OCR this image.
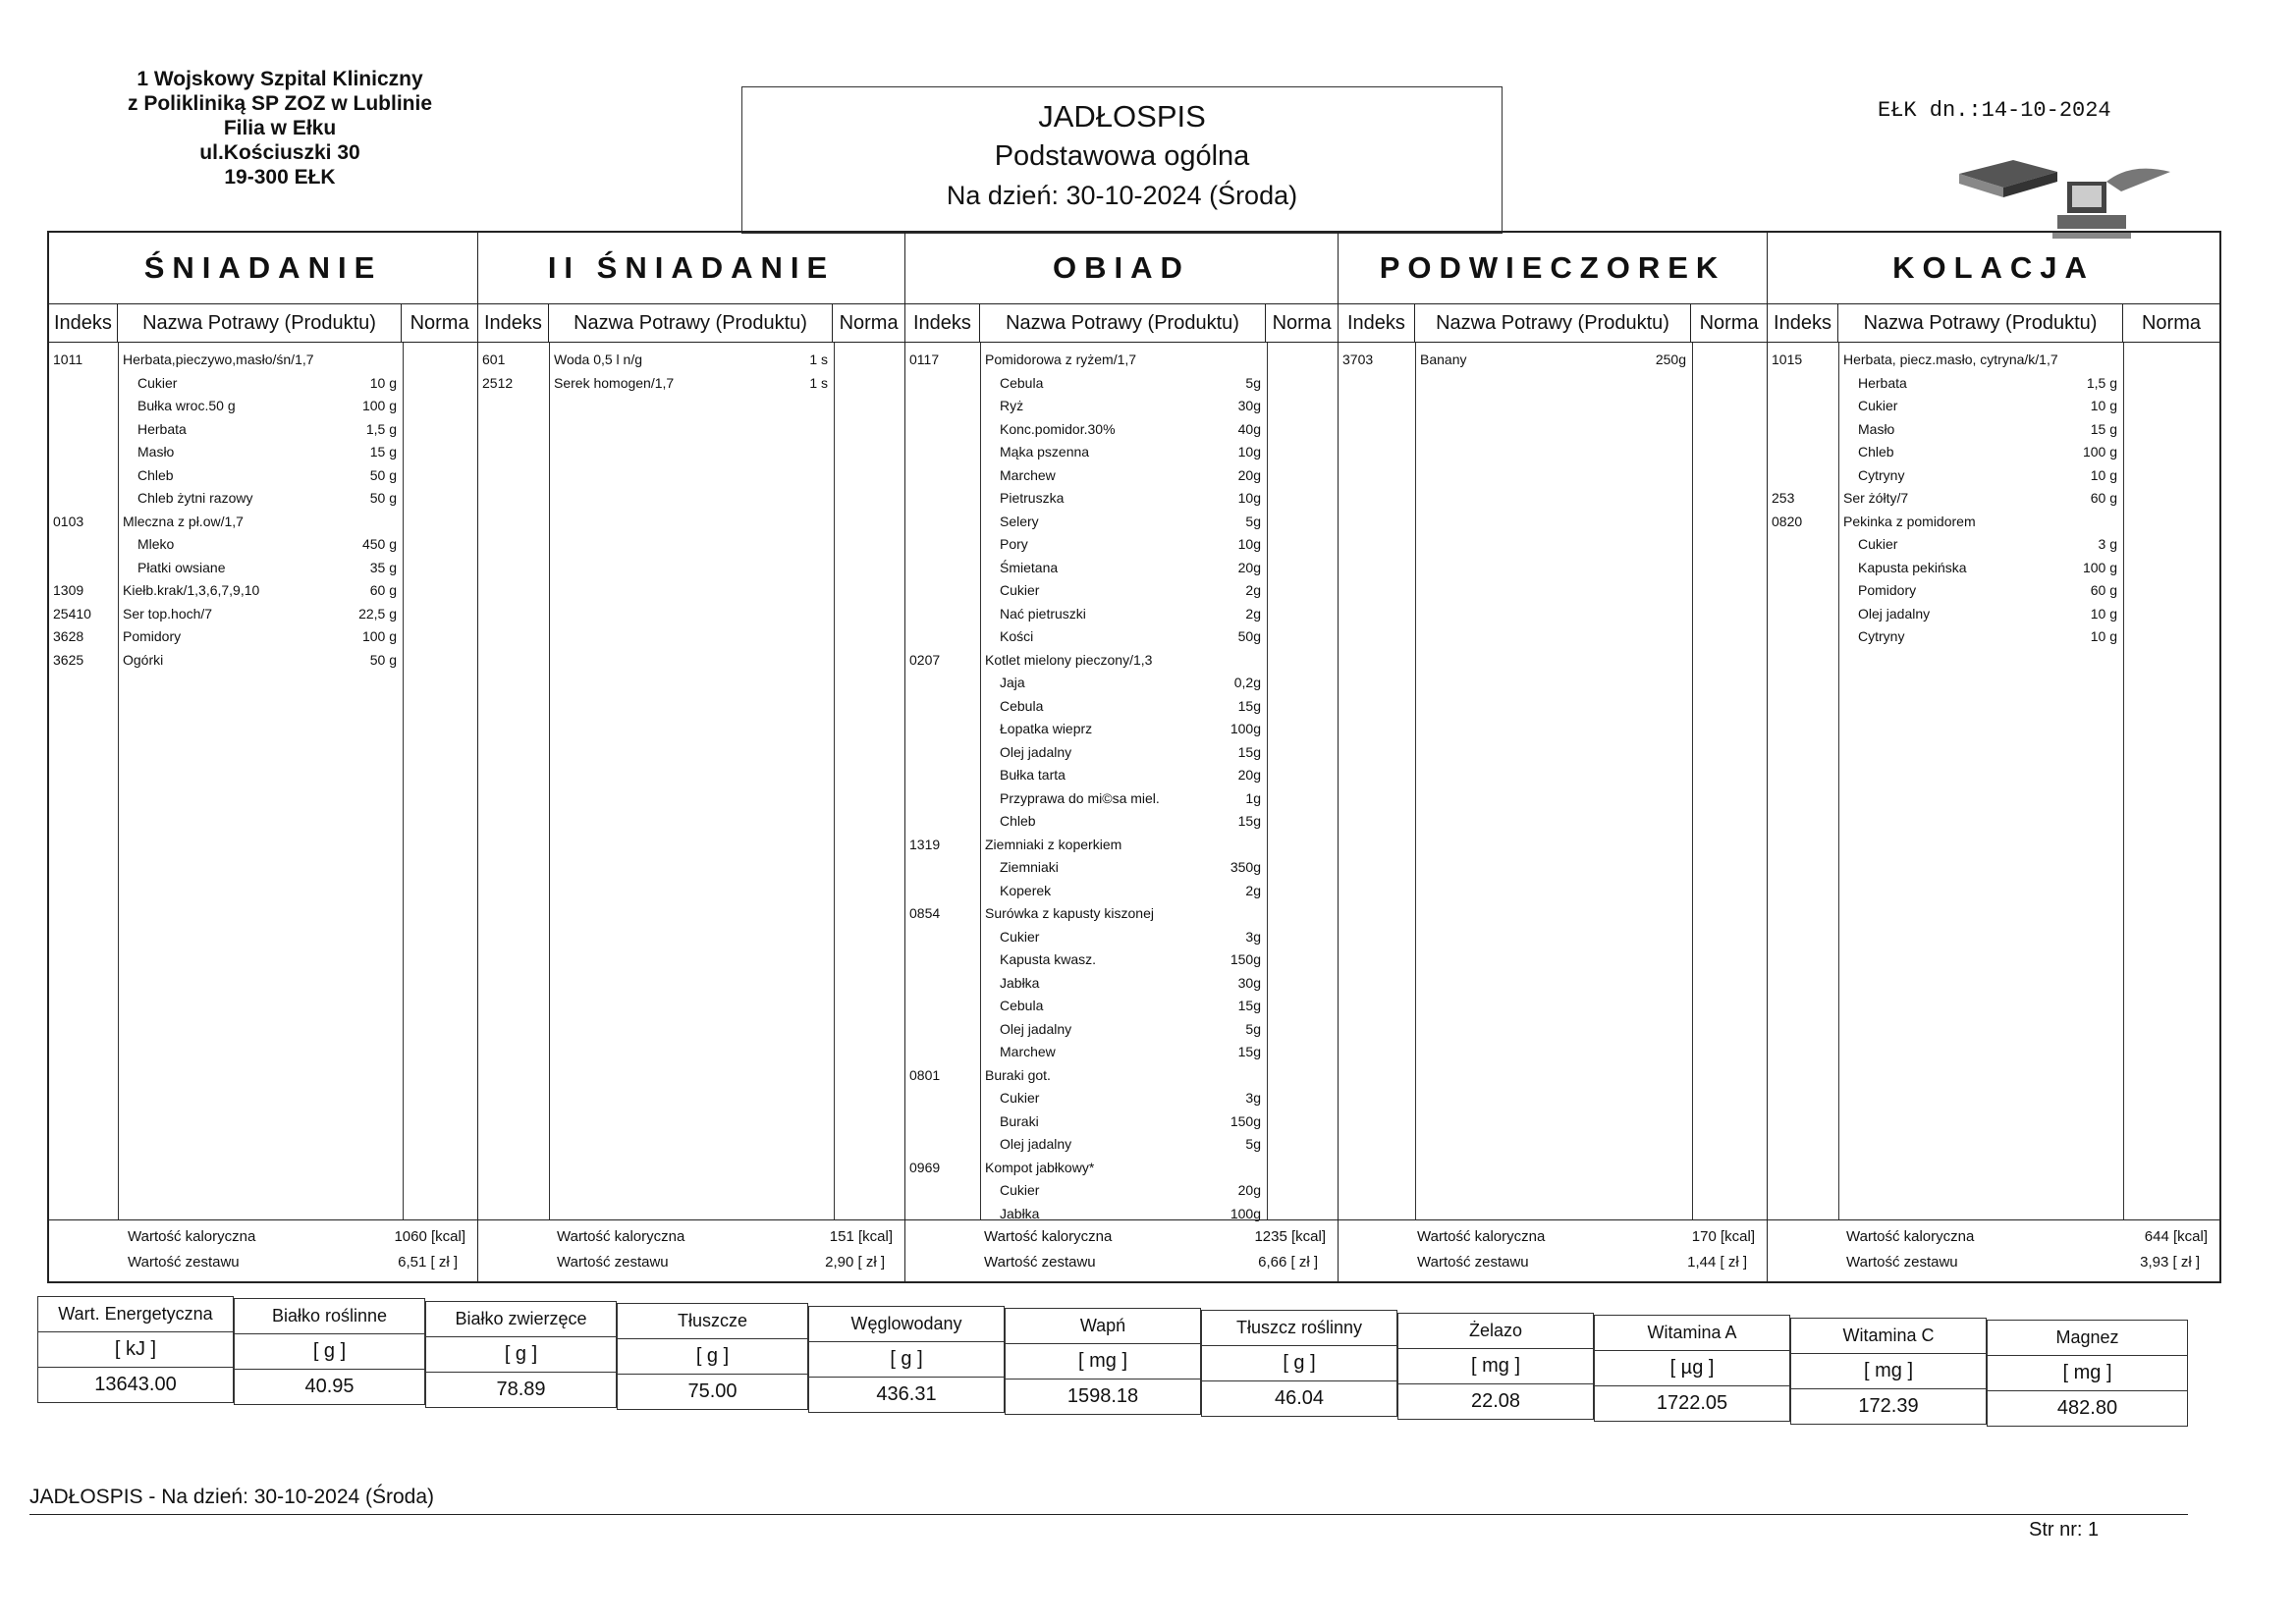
1 Wojskowy Szpital Kliniczny
z Polikliniką SP ZOZ w Lublinie
Filia w Ełku
ul.Kościuszki 30
19-300 EŁK
JADŁOSPIS
Podstawowa ogólna
Na dzień: 30-10-2024 (Środa)
EŁK dn.:14-10-2024
ŚNIADANIE
Indeks	Nazwa Potrawy (Produktu)	Norma
1011	Herbata,pieczywo,masło/śn/1,7
Cukier	10 g
Bułka wroc.50 g	100 g
Herbata	1,5 g
Masło	15 g
Chleb	50 g
Chleb żytni razowy	50 g
0103	Mleczna z pł.ow/1,7
Mleko	450 g
Płatki owsiane	35 g
1309	Kiełb.krak/1,3,6,7,9,10	60 g
25410 Ser top.hoch/7	22,5 g
3628	Pomidory	100 g
3625	Ogórki	50 g
Wartość kaloryczna	1060 [kcal]
Wartość zestawu	6,51 [ zł ]
II ŚNIADANIE
Indeks	Nazwa Potrawy (Produktu)	Norma
601	Woda 0,5 l n/g	1 s
2512	Serek homogen/1,7	1 s
Wartość kaloryczna	151 [kcal]
Wartość zestawu	2,90 [ zł ]
OBIAD
Indeks	Nazwa Potrawy (Produktu)	Norma
0117	Pomidorowa z ryżem/1,7
Cebula	5g
Ryż	30g
Konc.pomidor.30%	40g
Mąka pszenna	10g
Marchew	20g
Pietruszka	10g
Selery	5g
Pory	10g
Śmietana	20g
Cukier	2g
Nać pietruszki	2g
Kości	50g
0207	Kotlet mielony pieczony/1,3
Jaja	0,2g
Cebula	15g
Łopatka wieprz	100g
Olej jadalny	15g
Bułka tarta	20g
Przyprawa do mi©sa miel.	1g
Chleb	15g
1319	Ziemniaki z koperkiem
Ziemniaki	350g
Koperek	2g
0854	Surówka z kapusty kiszonej
Cukier	3g
Kapusta kwasz.	150g
Jabłka	30g
Cebula	15g
Olej jadalny	5g
Marchew	15g
0801	Buraki got.
Cukier	3g
Buraki	150g
Olej jadalny	5g
0969	Kompot jabłkowy*
Cukier	20g
Jabłka	100g
Wartość kaloryczna	1235 [kcal]
Wartość zestawu	6,66 [ zł ]
PODWIECZOREK
Indeks	Nazwa Potrawy (Produktu)	Norma
3703	Banany	250g
Wartość kaloryczna	170 [kcal]
Wartość zestawu	1,44 [ zł ]
KOLACJA
Indeks	Nazwa Potrawy (Produktu)	Norma
1015	Herbata, piecz.masło, cytryna/k/1,7
Herbata	1,5 g
Cukier	10 g
Masło	15 g
Chleb	100 g
Cytryny	10 g
253	Ser żółty/7	60 g
0820	Pekinka z pomidorem
Cukier	3 g
Kapusta pekińska	100 g
Pomidory	60 g
Olej jadalny	10 g
Cytryny	10 g
Wartość kaloryczna	644 [kcal]
Wartość zestawu	3,93 [ zł ]
Wart. Energetyczna
[ kJ ]
13643.00
Białko roślinne
[ g ]
40.95
Białko zwierzęce
[ g ]
78.89
Tłuszcze
[ g ]
75.00
Węglowodany
[ g ]
436.31
Wapń
[ mg ]
1598.18
Tłuszcz roślinny
[ g ]
46.04
Żelazo
[ mg ]
22.08
Witamina A
[ µg ]
1722.05
Witamina C
[ mg ]
172.39
Magnez
[ mg ]
482.80
JADŁOSPIS - Na dzień: 30-10-2024 (Środa)
Str nr: 1
